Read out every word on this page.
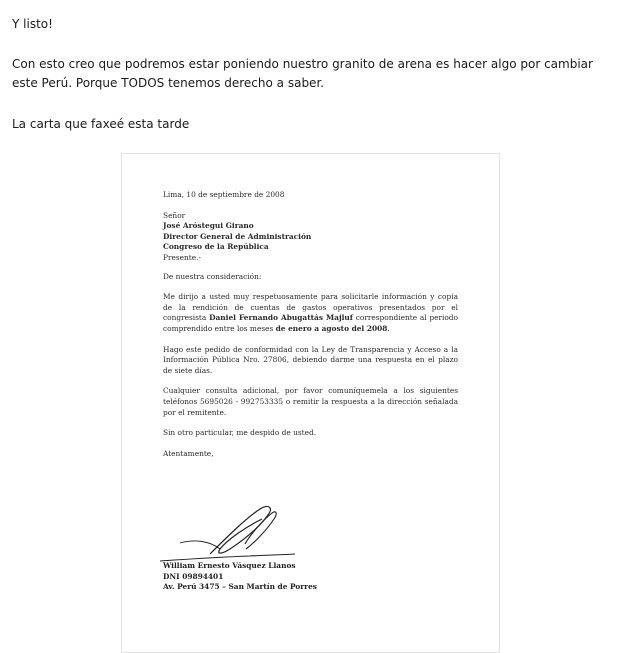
Y listo!

Con esto creo que podremos estar poniendo nuestro granito de arena es hacer algo por cambiar este Perú. Porque TODOS tenemos derecho a saber.

La carta que faxeé esta tarde

Lima, 10 de septiembre de 2008

Señor

José Aróstegui Girano

Director General de Administración

Congreso de la República

Presente.-

De nuestra consideración:

Me dirijo a usted muy respetuosamente para solicitarle información y copia de la rendición de cuentas de gastos operativos presentados por el congresista Daniel Fernando Abugattás Majluf correspondiente al periodo comprendido entre los meses de enero a agosto del 2008.

Hago este pedido de conformidad con la Ley de Transparencia y Acceso a la Información Pública Nro. 27806, debiendo darme una respuesta en el plazo de siete días.

Cualquier consulta adicional, por favor comuníquemela a los siguientes teléfonos 5695026 - 992753335 o remitir la respuesta a la dirección señalada por el remitente.

Sin otro particular, me despido de usted.

Atentamente,

William Ernesto Vásquez Llanos

DNI 09894401

Av. Perú 3475 – San Martín de Porres
